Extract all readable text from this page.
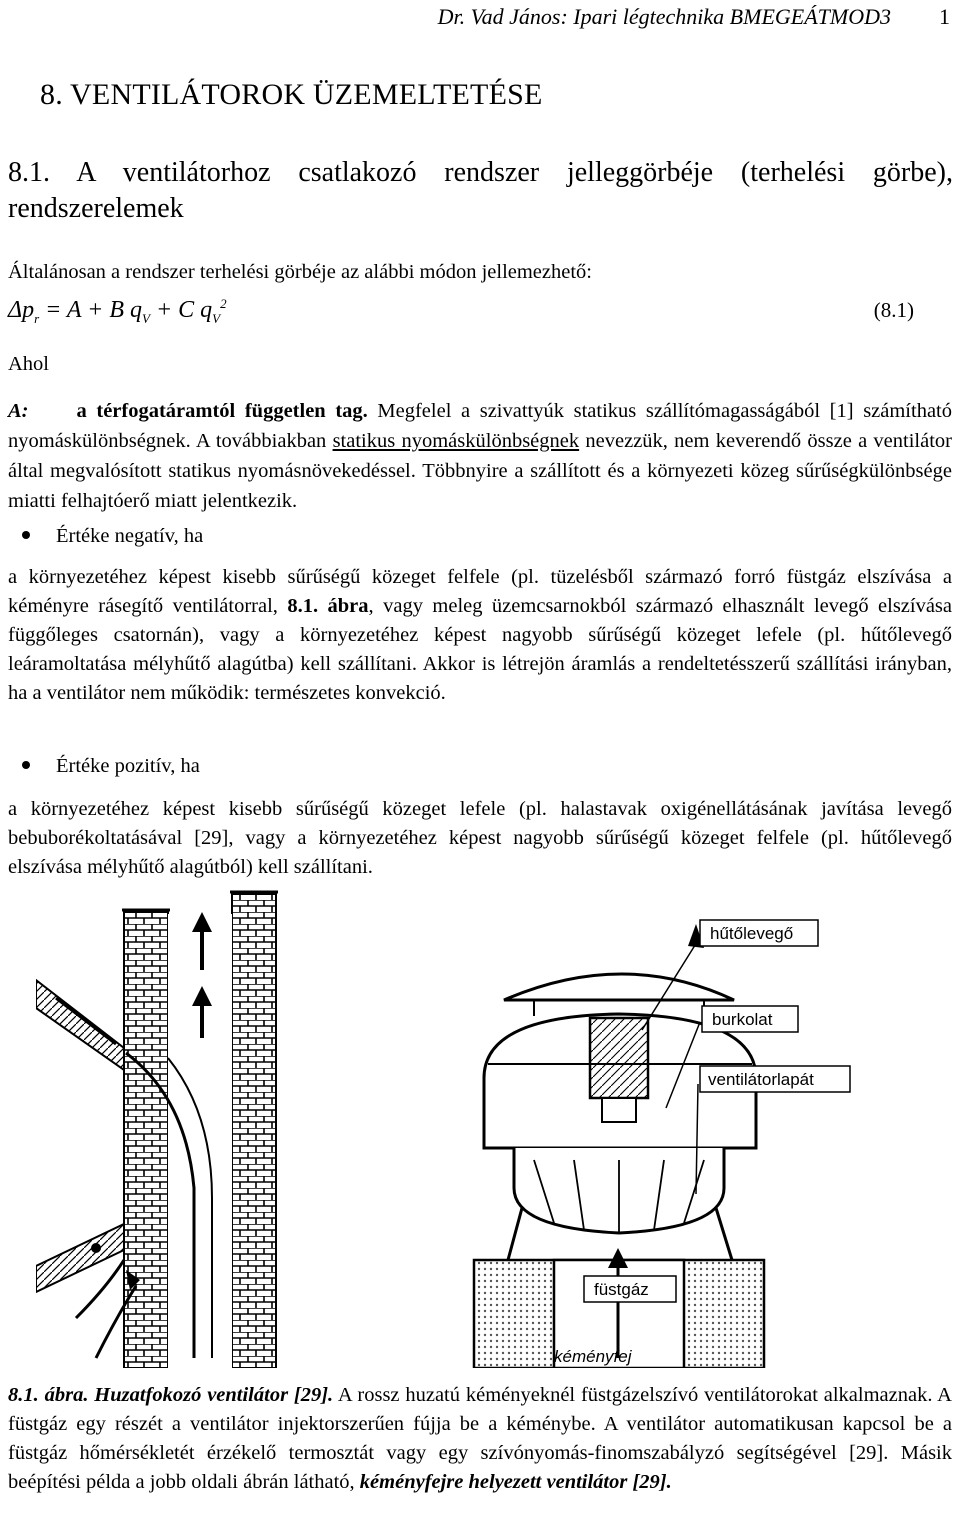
Dr. Vad János: Ipari légtechnika BMEGEÁTMOD3 1
8. VENTILÁTOROK ÜZEMELTETÉSE
8.1. A ventilátorhoz csatlakozó rendszer jelleggörbéje (terhelési görbe), rendszerelemek
Általánosan a rendszer terhelési görbéje az alábbi módon jellemezhető:
$\Delta p_r = A + B$ $q_V + C$ $q_V^2$	(8.1)
Ahol
A: a térfogatáramtól független tag. Megfelel a szivattyúk statikus szállítómagasságából [1] számítható nyomáskülönbségnek. A továbbiakban statikus nyomáskülönbségnek nevezzük, nem keverendő össze a ventilátor által megvalósított statikus nyomásnövekedéssel. Többnyire a szállított és a környezeti közeg sűrűségkülönbsége miatti felhajtóerő miatt jelentkezik.
Értéke negatív, ha
a környezetéhez képest kisebb sűrűségű közeget felfele (pl. tüzelésből származó forró füstgáz elszívása a kéményre rásegítő ventilátorral, 8.1. ábra, vagy meleg üzemcsarnokból származó elhasznált levegő elszívása függőleges csatornán), vagy a környezetéhez képest nagyobb sűrűségű közeget lefele (pl. hűtőlevegő leáramoltatása mélyhűtő alagútba) kell szállítani. Akkor is létrejön áramlás a rendeltetésszerű szállítási irányban, ha a ventilátor nem működik: természetes konvekció.
Értéke pozitív, ha
a környezetéhez képest kisebb sűrűségű közeget lefele (pl. halastavak oxigénellátásának javítása levegő bebuborékoltatásával [29], vagy a környezetéhez képest nagyobb sűrűségű közeget felfele (pl. hűtőlevegő elszívása mélyhűtő alagútból) kell szállítani.
hűtőlevegő
burkolat
ventilátorlapát
füstgáz
kéményfej
8.1. ábra. Huzatfokozó ventilátor [29]. A rossz huzatú kéményeknél füstgázelszívó ventilátorokat alkalmaznak. A füstgáz egy részét a ventilátor injektorszerűen fújja be a kéménybe. A ventilátor automatikusan kapcsol be a füstgáz hőmérsékletét érzékelő termosztát vagy egy szívónyomás-finomszabályzó segítségével [29]. Másik beépítési példa a jobb oldali ábrán látható, kéményfejre helyezett ventilátor [29].
